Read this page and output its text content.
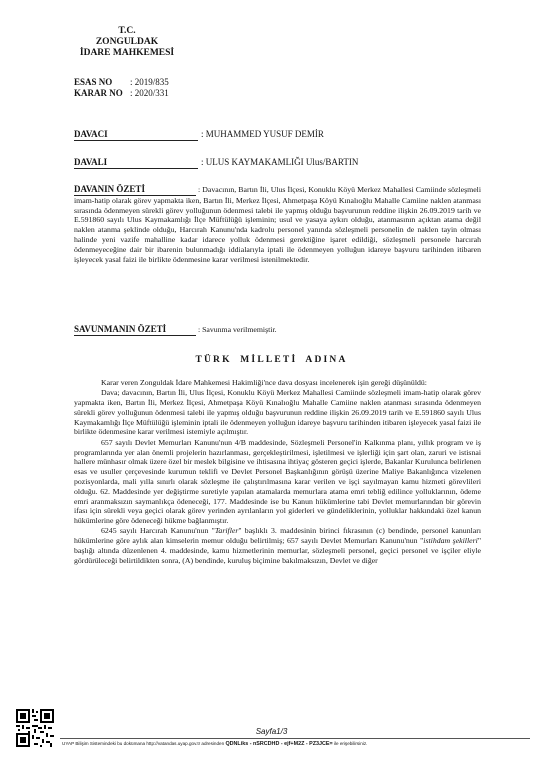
T.C.
ZONGULDAK
İDARE MAHKEMESİ
ESAS NO : 2019/835
KARAR NO : 2020/331
DAVACI	: MUHAMMED YUSUF DEMİR
DAVALI	: ULUS KAYMAKAMLIĞI Ulus/BARTIN
DAVANIN ÖZETİ	: Davacının, Bartın İli, Ulus İlçesi, Konuklu Köyü Merkez Mahallesi Camiinde sözleşmeli imam-hatip olarak görev yapmakta iken, Bartın İli, Merkez İlçesi, Ahmetpaşa Köyü Kınalıoğlu Mahalle Camiine naklen atanması sırasında ödenmeyen sürekli görev yolluğunun ödenmesi talebi ile yapmış olduğu başvurunun reddine ilişkin 26.09.2019 tarih ve E.591860 sayılı Ulus Kaymakamlığı İlçe Müftülüğü işleminin; usul ve yasaya aykırı olduğu, atanmasının açıktan atama değil naklen atanma şeklinde olduğu, Harcırah Kanunu'nda kadrolu personel yanında sözleşmeli personelin de naklen tayin olması halinde yeni vazife mahalline kadar idarece yolluk ödenmesi gerektiğine işaret edildiği, sözleşmeli personele harcırah ödenmeyeceğine dair bir ibarenin bulunmadığı iddialarıyla iptali ile ödenmeyen yolluğun idareye başvuru tarihinden itibaren işleyecek yasal faizi ile birlikte ödenmesine karar verilmesi istenilmektedir.
SAVUNMANIN ÖZETİ	: Savunma verilmemiştir.
TÜRK MİLLETİ ADINA

Karar veren Zonguldak İdare Mahkemesi Hakimliği'nce dava dosyası incelenerek işin gereği düşünüldü:

Dava; davacının, Bartın İli, Ulus İlçesi, Konuklu Köyü Merkez Mahallesi Camiinde sözleşmeli imam-hatip olarak görev yapmakta iken, Bartın İli, Merkez İlçesi, Ahmetpaşa Köyü Kınalıoğlu Mahalle Camiine naklen atanması sırasında ödenmeyen sürekli görev yolluğunun ödenmesi talebi ile yapmış olduğu başvurunun reddine ilişkin 26.09.2019 tarih ve E.591860 sayılı Ulus Kaymakamlığı İlçe Müftülüğü işleminin iptali ile ödenmeyen yolluğun idareye başvuru tarihinden itibaren işleyecek yasal faizi ile birlikte ödenmesine karar verilmesi istemiyle açılmıştır.

657 sayılı Devlet Memurları Kanunu'nun 4/B maddesinde, Sözleşmeli Personel'in Kalkınma planı, yıllık program ve iş programlarında yer alan önemli projelerin hazırlanması, gerçekleştirilmesi, işletilmesi ve işlerliği için şart olan, zaruri ve istisnai hallere münhasır olmak üzere özel bir meslek bilgisine ve ihtisasına ihtiyaç gösteren geçici işlerde, Bakanlar Kurulunca belirlenen esas ve usuller çerçevesinde kurumun teklifi ve Devlet Personel Başkanlığının görüşü üzerine Maliye Bakanlığınca vizelenen pozisyonlarda, mali yılla sınırlı olarak sözleşme ile çalıştırılmasına karar verilen ve işçi sayılmayan kamu hizmeti görevlileri olduğu. 62. Maddesinde yer değiştirme suretiyle yapılan atamalarda memurlara atama emri tebliğ edilince yolluklarının, ödeme emri aranmaksızın saymanlıkça ödeneceği, 177. Maddesinde ise bu Kanun hükümlerine tabi Devlet memurlarından bir görevin ifası için sürekli veya geçici olarak görev yerinden ayrılanların yol giderleri ve gündeliklerinin, yolluklar hakkındaki özel kanun hükümlerine göre ödeneceği hükme bağlanmıştır.

6245 sayılı Harcırah Kanunu'nun "Tarifler" başlıklı 3. maddesinin birinci fıkrasının (c) bendinde, personel kanunları hükümlerine göre aylık alan kimselerin memur olduğu belirtilmiş; 657 sayılı Devlet Memurları Kanunu'nun "istihdam şekilleri" başlığı altında düzenlenen 4. maddesinde, kamu hizmetlerinin memurlar, sözleşmeli personel, geçici personel ve işçiler eliyle gördürüleceği belirtildikten sonra, (A) bendinde, kuruluş biçimine bakılmaksızın, Devlet ve diğer

Sayfa1/3
UYAP Bilişim Sistemindeki bu dokümana http://vatandas.uyap.gov.tr adresinden QDNLiks - nSRCDHD - ejf+M2Z - PZ3JCE= ile erişebilirsiniz.
